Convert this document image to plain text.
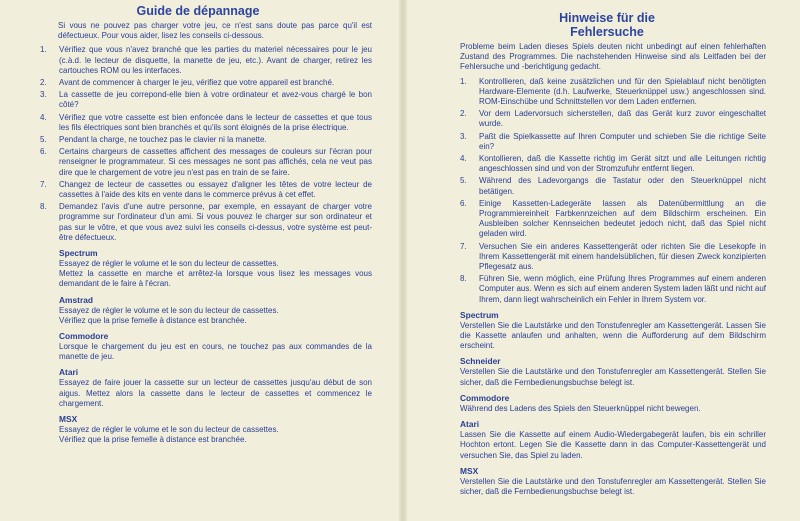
Guide de dépannage

Si vous ne pouvez pas charger votre jeu, ce n'est sans doute pas parce qu'il est défectueux. Pour vous aider, lisez les conseils ci-dessous.

1. Vérifiez que vous n'avez branché que les parties du materiel nécessaires pour le jeu (c.à.d. le lecteur de disquette, la manette de jeu, etc.). Avant de charger, retirez les cartouches ROM ou les interfaces.
2. Avant de commencer à charger le jeu, vérifiez que votre appareil est branché.
3. La cassette de jeu correpond-elle bien à votre ordinateur et avez-vous chargé le bon côté?
4. Vérifiez que votre cassette est bien enfoncée dans le lecteur de cassettes et que tous les fils électriques sont bien branchés et qu'ils sont éloignés de la prise électrique.
5. Pendant la charge, ne touchez pas le clavier ni la manette.
6. Certains chargeurs de cassettes affichent des messages de couleurs sur l'écran pour renseigner le programmateur. Si ces messages ne sont pas affichés, cela ne veut pas dire que le chargement de votre jeu n'est pas en train de se faire.
7. Changez de lecteur de cassettes ou essayez d'aligner les têtes de votre lecteur de cassettes à l'aide des kits en vente dans le commerce prévus à cet effet.
8. Demandez l'avis d'une autre personne, par exemple, en essayant de charger votre programme sur l'ordinateur d'un ami. Si vous pouvez le charger sur son ordinateur et pas sur le vôtre, et que vous avez suivi les conseils ci-dessus, votre système est peut-être défectueux.
Spectrum
Essayez de régler le volume et le son du lecteur de cassettes.
Mettez la cassette en marche et arrêtez-la lorsque vous lisez les messages vous demandant de le faire à l'écran.
Amstrad
Essayez de régler le volume et le son du lecteur de cassettes.
Vérifiez que la prise femelle à distance est branchée.
Commodore
Lorsque le chargement du jeu est en cours, ne touchez pas aux commandes de la manette de jeu.
Atari
Essayez de faire jouer la cassette sur un lecteur de cassettes jusqu'au début de son aigus. Mettez alors la cassette dans le lecteur de cassettes et commencez le chargement.
MSX
Essayez de régler le volume et le son du lecteur de cassettes.
Vérifiez que la prise femelle à distance est branchée.
Hinweise für die
Fehlersuche

Probleme beim Laden dieses Spiels deuten nicht unbedingt auf einen fehlerhaften Zustand des Programmes. Die nachstehenden Hinweise sind als Leitfaden bei der Fehlersuche und -berichtigung gedacht.

1. Kontrollieren, daß keine zusätzlichen und für den Spielablauf nicht benötigten Hardware-Elemente (d.h. Laufwerke, Steuerknüppel usw.) angeschlossen sind. ROM-Einschübe und Schnittstellen vor dem Laden entfernen.
2. Vor dem Ladervorsuch sicherstellen, daß das Gerät kurz zuvor eingeschaltet wurde.
3. Paßt die Spielkassette auf Ihren Computer und schieben Sie die richtige Seite ein?
4. Kontollieren, daß die Kassette richtig im Gerät sitzt und alle Leitungen richtig angeschlossen sind und von der Stromzufuhr entfernt liegen.
5. Während des Ladevorgangs die Tastatur oder den Steuerknüppel nicht betätigen.
6. Einige Kassetten-Ladegeräte lassen als Datenübermittlung an die Programmiereinheit Farbkennzeichen auf dem Bildschirm erscheinen. Ein Ausbleiben solcher Kennseichen bedeutet jedoch nicht, daß das Spiel nicht geladen wird.
7. Versuchen Sie ein anderes Kassettengerät oder richten Sie die Lesekopfe in Ihrem Kassettengerät mit einem handelsüblichen, für diesen Zweck konzipierten Pflegesatz aus.
8. Führen Sie, wenn möglich, eine Prüfung Ihres Programmes auf einem anderen Computer aus. Wenn es sich auf einem anderen System laden läßt und nicht auf Ihrem, dann liegt wahrscheinlich ein Fehler in Ihrem System vor.
Spectrum
Verstellen Sie die Lautstärke und den Tonstufenregler am Kassettengerät. Lassen Sie die Kassette anlaufen und anhalten, wenn die Aufforderung auf dem Bildschirm erscheint.
Schneider
Verstellen Sie die Lautstärke und den Tonstufenregler am Kassettengerät. Stellen Sie sicher, daß die Fernbedienungsbuchse belegt ist.
Commodore
Während des Ladens des Spiels den Steuerknüppel nicht bewegen.
Atari
Lassen Sie die Kassette auf einem Audio-Wiedergabegerät laufen, bis ein schriller Hochton ertont. Legen Sie die Kassette dann in das Computer-Kassettengerät und versuchen Sie, das Spiel zu laden.
MSX
Verstellen Sie die Lautstärke und den Tonstufenregler am Kassettengerät. Stellen Sie sicher, daß die Fernbedienungsbuchse belegt ist.
